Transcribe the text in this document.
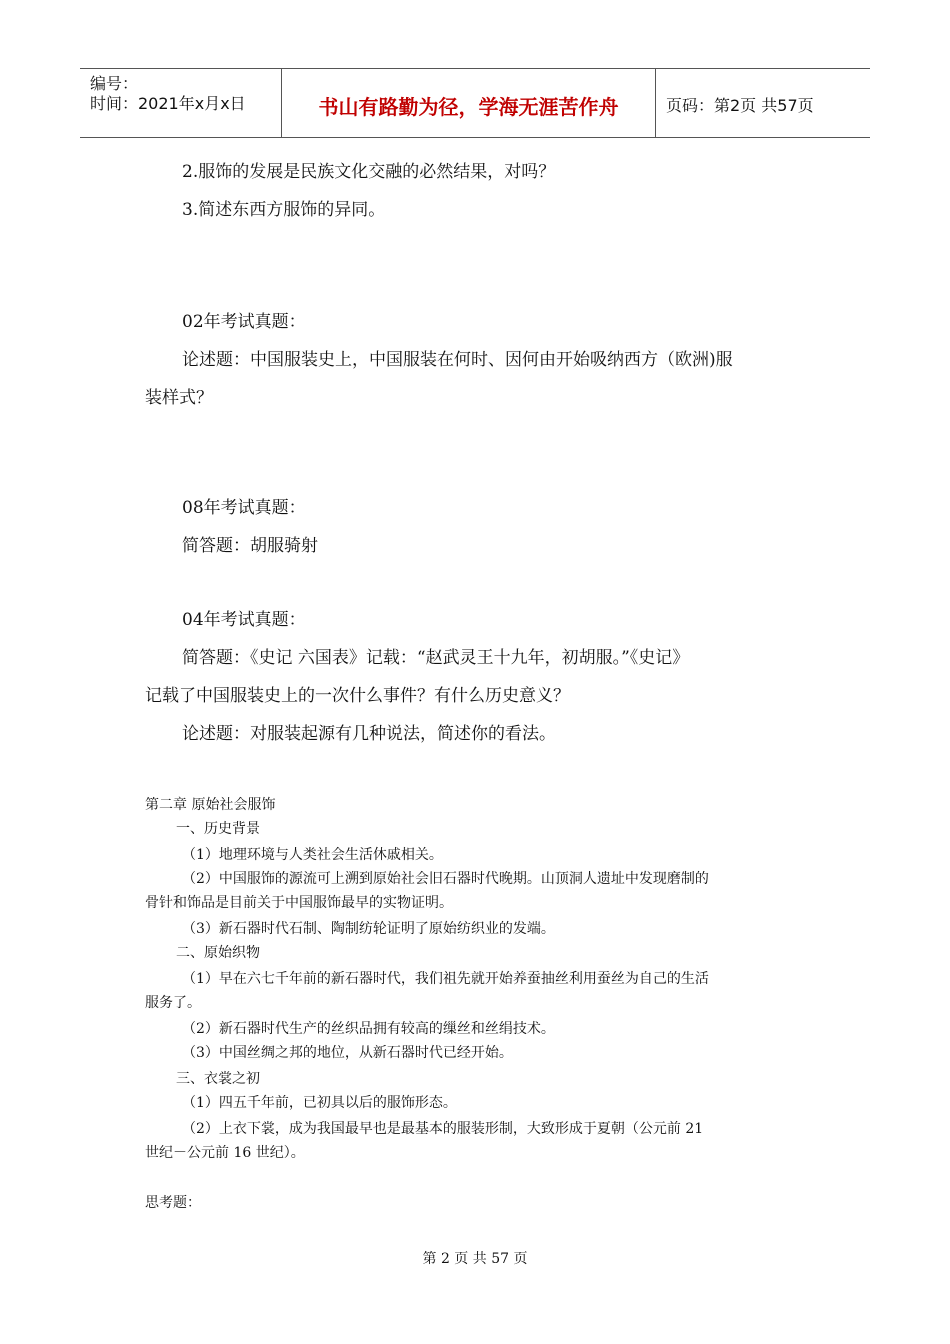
编号：
时间：2021年x月x日	书山有路勤为径，学海无涯苦作舟	页码：第2页 共57页
2.服饰的发展是民族文化交融的必然结果，对吗？
3.简述东西方服饰的异同。
02年考试真题：
论述题：中国服装史上，中国服装在何时、因何由开始吸纳西方（欧洲)服
装样式？
08年考试真题：
简答题：胡服骑射
04年考试真题：
简答题：《史记 六国表》记载：“赵武灵王十九年，初胡服。”《史记》
记载了中国服装史上的一次什么事件？有什么历史意义？
论述题：对服装起源有几种说法，简述你的看法。
第二章 原始社会服饰
一、历史背景
（1）地理环境与人类社会生活休戚相关。
（2）中国服饰的源流可上溯到原始社会旧石器时代晚期。山顶洞人遗址中发现磨制的
骨针和饰品是目前关于中国服饰最早的实物证明。
（3）新石器时代石制、陶制纺轮证明了原始纺织业的发端。
二、原始织物
（1）早在六七千年前的新石器时代，我们祖先就开始养蚕抽丝利用蚕丝为自己的生活
服务了。
（2）新石器时代生产的丝织品拥有较高的缫丝和丝绢技术。
（3）中国丝绸之邦的地位，从新石器时代已经开始。
三、衣裳之初
（1）四五千年前，已初具以后的服饰形态。
（2）上衣下裳，成为我国最早也是最基本的服装形制，大致形成于夏朝（公元前 21
世纪－公元前 16 世纪）。
思考题：
第 2 页 共 57 页
